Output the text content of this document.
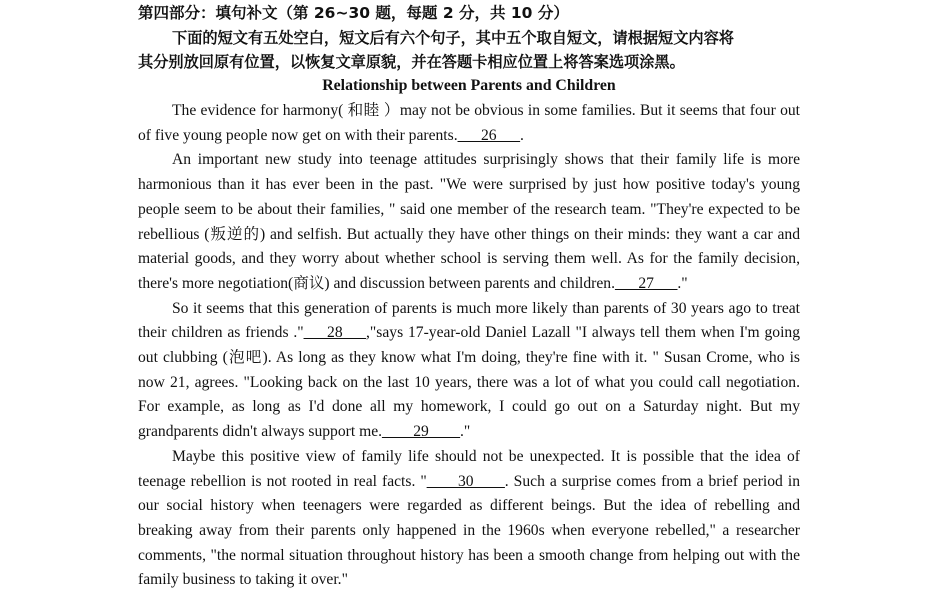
第四部分：填句补文（第 26~30 题，每题 2 分，共 10 分）
下面的短文有五处空白，短文后有六个句子，其中五个取自短文，请根据短文内容将
其分别放回原有位置，以恢复文章原貌，并在答题卡相应位置上将答案选项涂黑。
Relationship between Parents and Children

The evidence for harmony( 和睦 ）may not be obvious in some families. But it seems that four out of five young people now get on with their parents.___26___.

An important new study into teenage attitudes surprisingly shows that their family life is more harmonious than it has ever been in the past. "We were surprised by just how positive today's young people seem to be about their families, " said one member of the research team. "They're expected to be rebellious (叛逆的) and selfish. But actually they have other things on their minds: they want a car and material goods, and they worry about whether school is serving them well. As for the family decision, there's more negotiation(商议) and discussion between parents and children.___27___."

So it seems that this generation of parents is much more likely than parents of 30 years ago to treat their children as friends ."___28___,"says 17-year-old Daniel Lazall "I always tell them when I'm going out clubbing (泡吧). As long as they know what I'm doing, they're fine with it. " Susan Crome, who is now 21, agrees. "Looking back on the last 10 years, there was a lot of what you could call negotiation. For example, as long as I'd done all my homework, I could go out on a Saturday night. But my grandparents didn't always support me.____29____."

Maybe this positive view of family life should not be unexpected. It is possible that the idea of teenage rebellion is not rooted in real facts. "____30____. Such a surprise comes from a brief period in our social history when teenagers were regarded as different beings. But the idea of rebelling and breaking away from their parents only happened in the 1960s when everyone rebelled," a researcher comments, "the normal situation throughout history has been a smooth change from helping out with the family business to taking it over."
